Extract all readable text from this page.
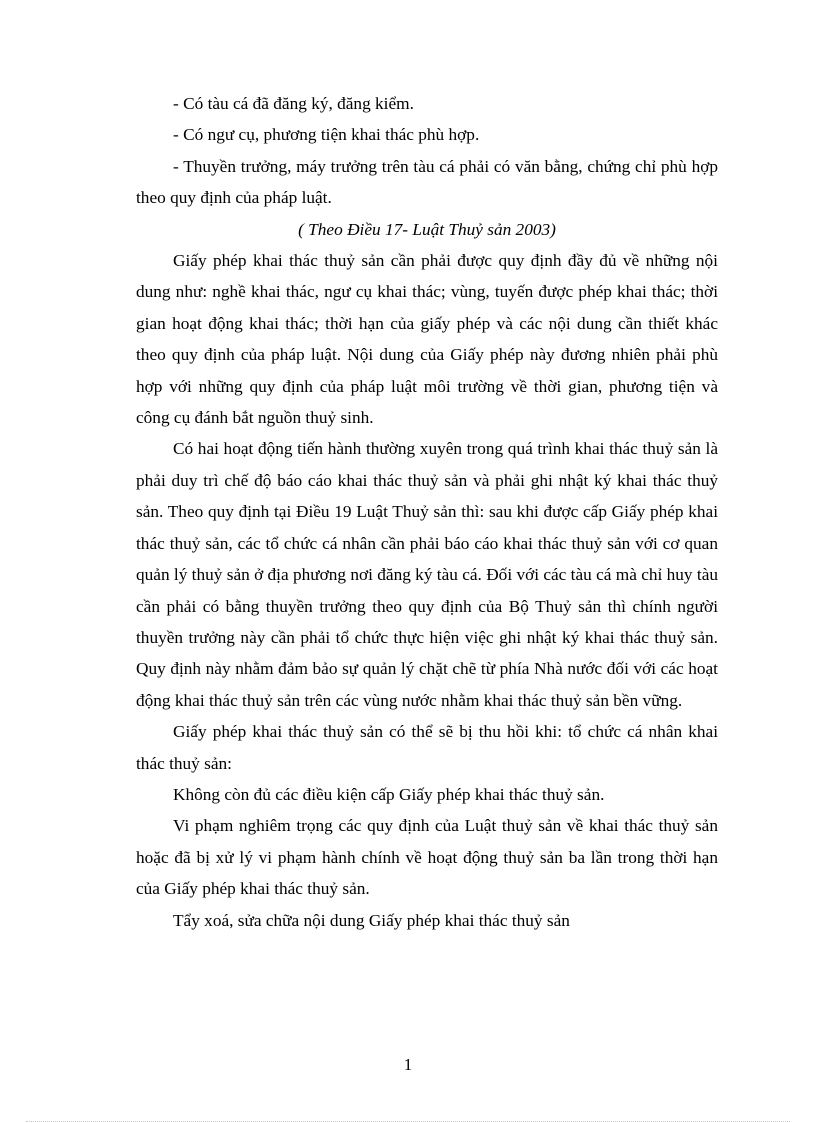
- Có tàu cá đã đăng ký, đăng kiểm.

- Có ngư cụ, phương tiện khai thác phù hợp.

- Thuyền trưởng, máy trưởng trên tàu cá phải có văn bằng, chứng chỉ phù hợp theo quy định của pháp luật.

( Theo Điều 17- Luật Thuỷ sản 2003)

Giấy phép khai thác thuỷ sản cần phải được quy định đầy đủ về những nội dung như: nghề khai thác, ngư cụ khai thác; vùng, tuyến được phép khai thác; thời gian hoạt động khai thác; thời hạn của giấy phép và các nội dung cần thiết khác theo quy định của pháp luật. Nội dung của Giấy phép này đương nhiên phải phù hợp với những quy định của pháp luật môi trường về thời gian, phương tiện và công cụ đánh bắt nguồn thuỷ sinh.

Có hai hoạt động tiến hành thường xuyên trong quá trình khai thác thuỷ sản là phải duy trì chế độ báo cáo khai thác thuỷ sản và phải ghi nhật ký khai thác thuỷ sản. Theo quy định tại Điều 19 Luật Thuỷ sản thì: sau khi được cấp Giấy phép khai thác thuỷ sản, các tổ chức cá nhân cần phải báo cáo khai thác thuỷ sản với cơ quan quản lý thuỷ sản ở địa phương nơi đăng ký tàu cá. Đối với các tàu cá mà chỉ huy tàu cần phải có bằng thuyền trưởng theo quy định của Bộ Thuỷ sản thì chính người thuyền trưởng này cần phải tổ chức thực hiện việc ghi nhật ký khai thác thuỷ sản. Quy định này nhằm đảm bảo sự quản lý chặt chẽ từ phía Nhà nước đối với các hoạt động khai thác thuỷ sản trên các vùng nước nhằm khai thác thuỷ sản bền vững.

Giấy phép khai thác thuỷ sản có thể sẽ bị thu hồi khi: tổ chức cá nhân khai thác thuỷ sản:

Không còn đủ các điều kiện cấp Giấy phép khai thác thuỷ sản.

Vi phạm nghiêm trọng các quy định của Luật thuỷ sản về khai thác thuỷ sản hoặc đã bị xử lý vi phạm hành chính về hoạt động thuỷ sản ba lần trong thời hạn của Giấy phép khai thác thuỷ sản.

Tẩy xoá, sửa chữa nội dung Giấy phép khai thác thuỷ sản

1
